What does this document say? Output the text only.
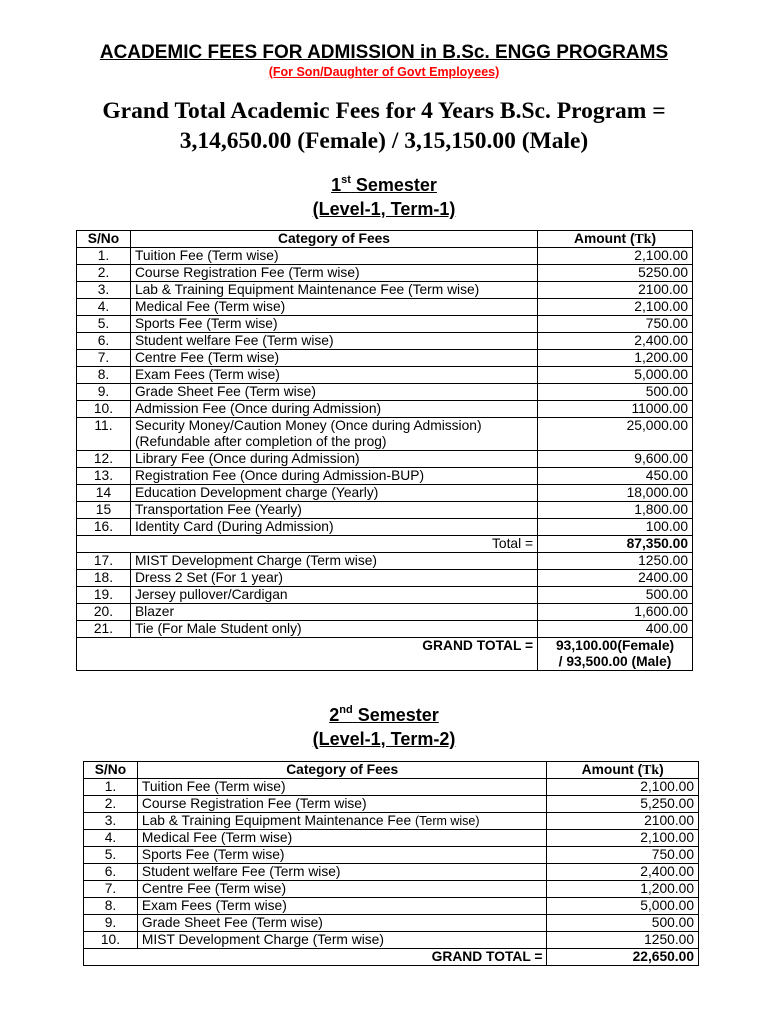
ACADEMIC FEES FOR ADMISSION in B.Sc. ENGG PROGRAMS
(For Son/Daughter of Govt Employees)
Grand Total Academic Fees for 4 Years B.Sc. Program =
3,14,650.00 (Female) / 3,15,150.00 (Male)
1st Semester
(Level-1, Term-1)
S/No	Category of Fees	Amount (Tk)
1.	Tuition Fee (Term wise)	2,100.00
2.	Course Registration Fee (Term wise)	5250.00
3.	Lab & Training Equipment Maintenance Fee (Term wise)	2100.00
4.	Medical Fee (Term wise)	2,100.00
5.	Sports Fee (Term wise)	750.00
6.	Student welfare Fee (Term wise)	2,400.00
7.	Centre Fee (Term wise)	1,200.00
8.	Exam Fees (Term wise)	5,000.00
9.	Grade Sheet Fee (Term wise)	500.00
10.	Admission Fee (Once during Admission)	11000.00
11.	Security Money/Caution Money (Once during Admission)
(Refundable after completion of the prog)	25,000.00
12.	Library Fee (Once during Admission)	9,600.00
13.	Registration Fee (Once during Admission-BUP)	450.00
14	Education Development charge (Yearly)	18,000.00
15	Transportation Fee (Yearly)	1,800.00
16.	Identity Card (During Admission)	100.00
Total =		87,350.00
17.	MIST Development Charge (Term wise)	1250.00
18.	Dress 2 Set (For 1 year)	2400.00
19.	Jersey pullover/Cardigan	500.00
20.	Blazer	1,600.00
21.	Tie (For Male Student only)	400.00
GRAND TOTAL =		93,100.00(Female)
/ 93,500.00 (Male)
2nd Semester
(Level-1, Term-2)
S/No	Category of Fees	Amount (Tk)
1.	Tuition Fee (Term wise)	2,100.00
2.	Course Registration Fee (Term wise)	5,250.00
3.	Lab & Training Equipment Maintenance Fee (Term wise)	2100.00
4.	Medical Fee (Term wise)	2,100.00
5.	Sports Fee (Term wise)	750.00
6.	Student welfare Fee (Term wise)	2,400.00
7.	Centre Fee (Term wise)	1,200.00
8.	Exam Fees (Term wise)	5,000.00
9.	Grade Sheet Fee (Term wise)	500.00
10.	MIST Development Charge (Term wise)	1250.00
GRAND TOTAL =		22,650.00
